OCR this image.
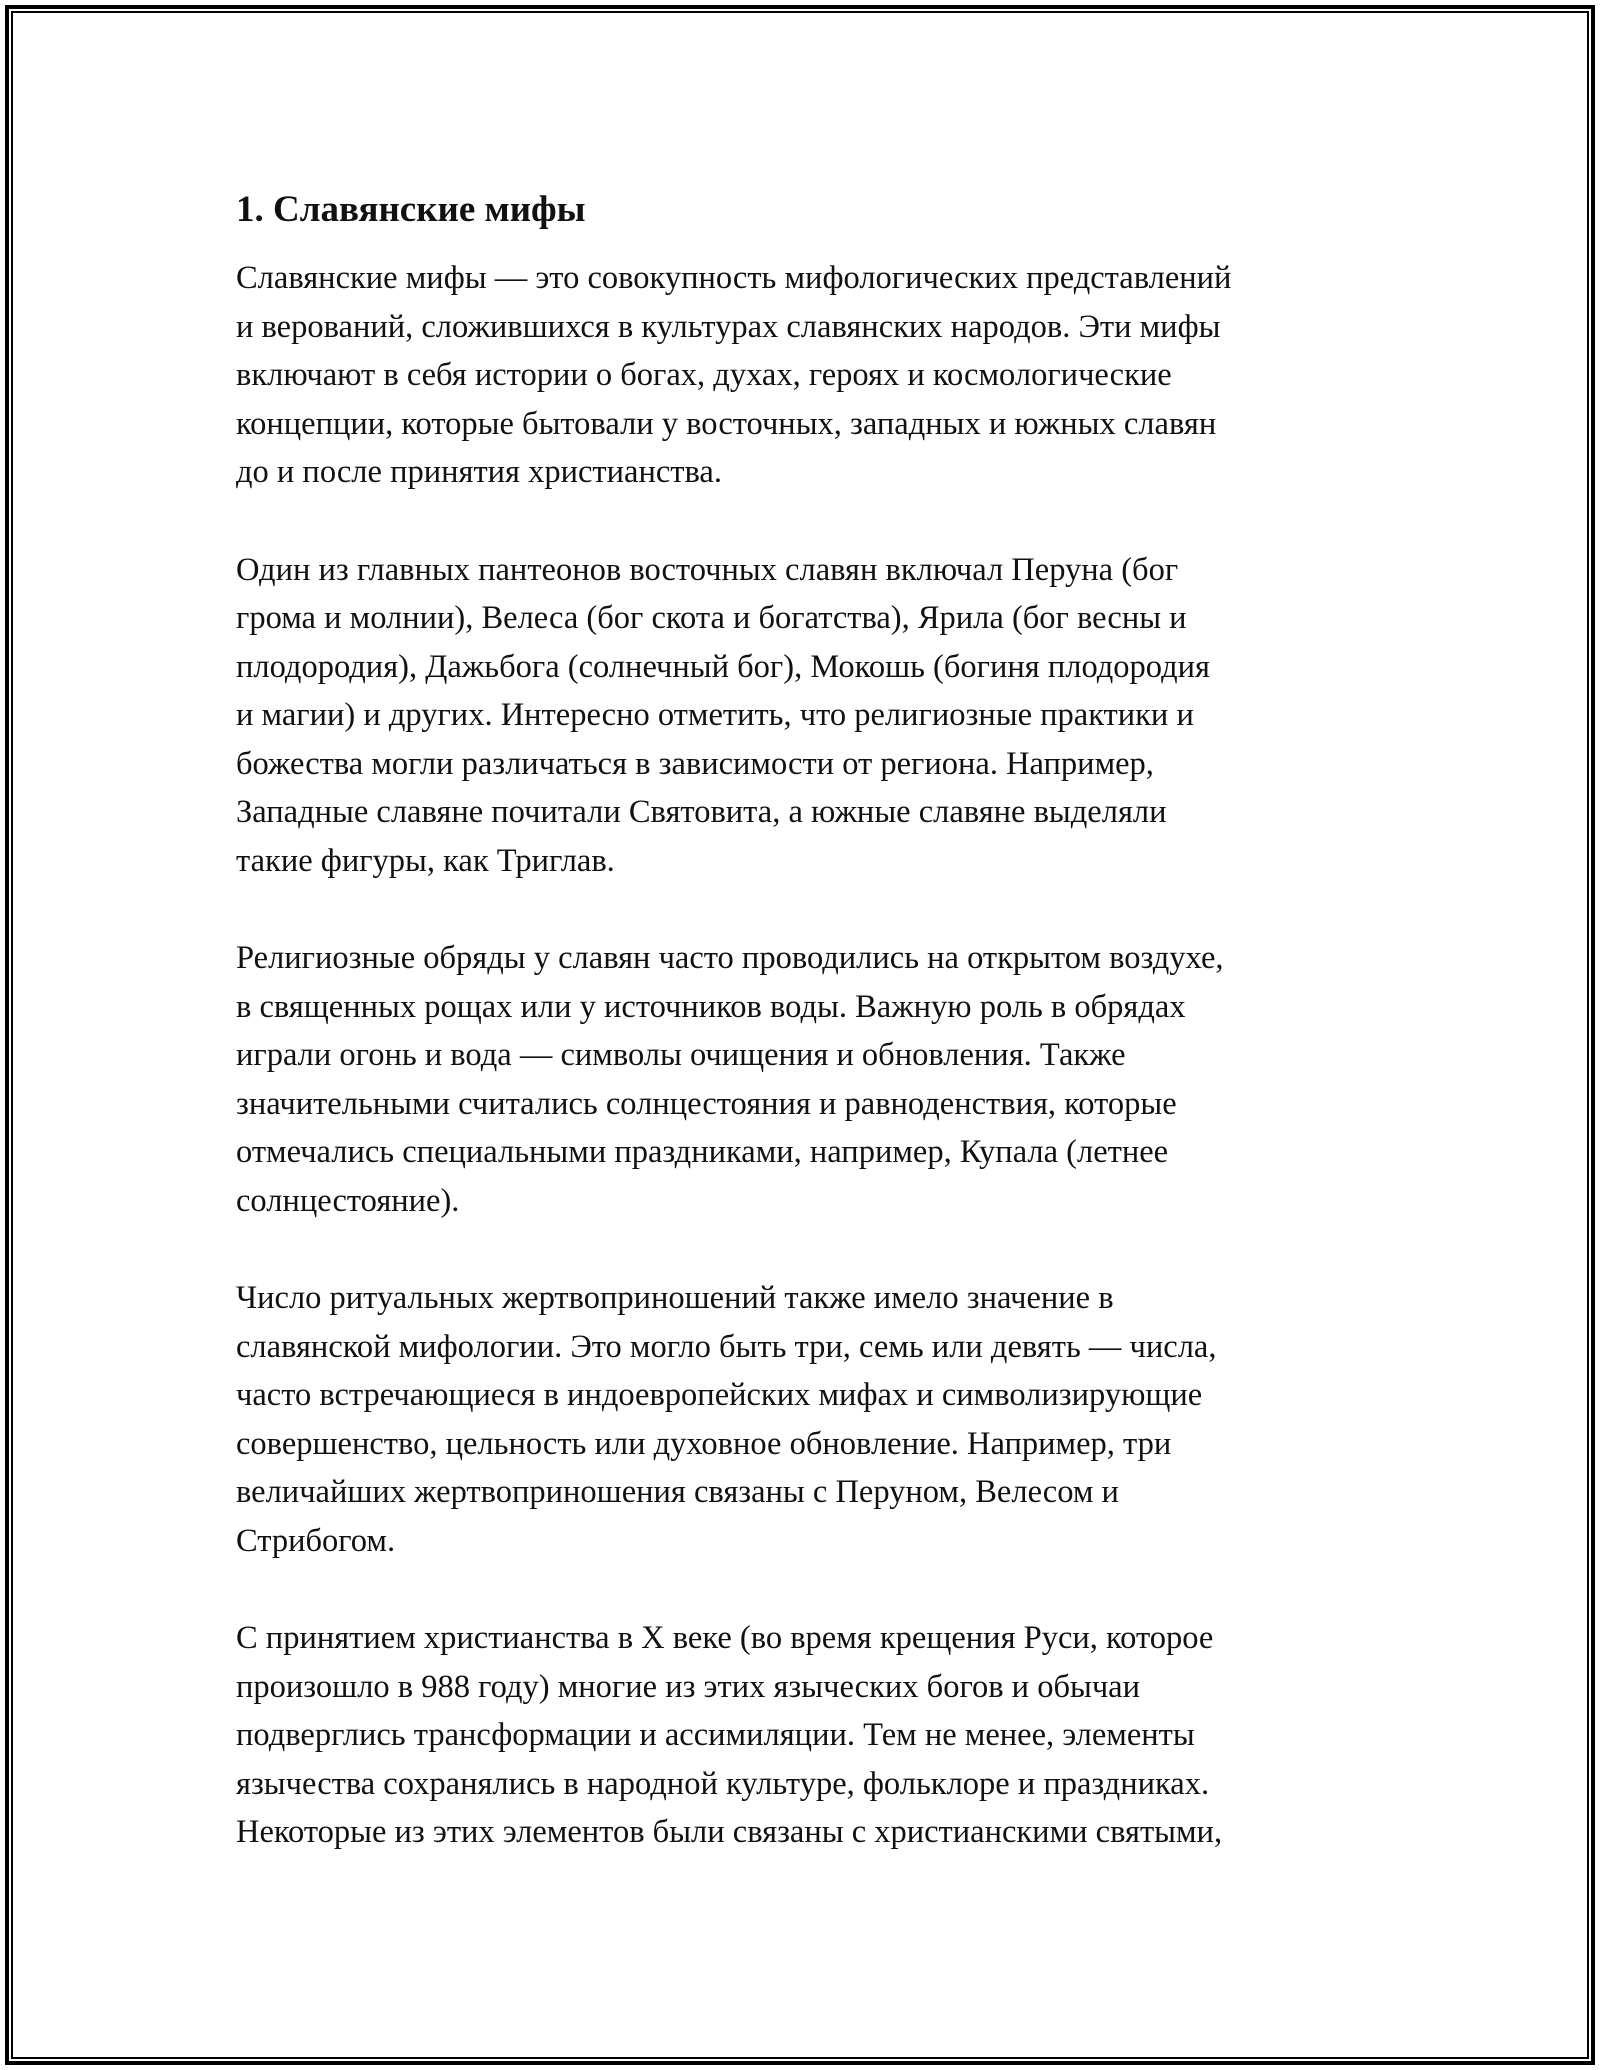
1. Славянские мифы
Славянские мифы — это совокупность мифологических представлений
и верований, сложившихся в культурах славянских народов. Эти мифы
включают в себя истории о богах, духах, героях и космологические
концепции, которые бытовали у восточных, западных и южных славян
до и после принятия христианства.
Один из главных пантеонов восточных славян включал Перуна (бог
грома и молнии), Велеса (бог скота и богатства), Ярила (бог весны и
плодородия), Дажьбога (солнечный бог), Мокошь (богиня плодородия
и магии) и других. Интересно отметить, что религиозные практики и
божества могли различаться в зависимости от региона. Например,
Западные славяне почитали Святовита, а южные славяне выделяли
такие фигуры, как Триглав.
Религиозные обряды у славян часто проводились на открытом воздухе,
в священных рощах или у источников воды. Важную роль в обрядах
играли огонь и вода — символы очищения и обновления. Также
значительными считались солнцестояния и равноденствия, которые
отмечались специальными праздниками, например, Купала (летнее
солнцестояние).
Число ритуальных жертвоприношений также имело значение в
славянской мифологии. Это могло быть три, семь или девять — числа,
часто встречающиеся в индоевропейских мифах и символизирующие
совершенство, цельность или духовное обновление. Например, три
величайших жертвоприношения связаны с Перуном, Велесом и
Стрибогом.
С принятием христианства в X веке (во время крещения Руси, которое
произошло в 988 году) многие из этих языческих богов и обычаи
подверглись трансформации и ассимиляции. Тем не менее, элементы
язычества сохранялись в народной культуре, фольклоре и праздниках.
Некоторые из этих элементов были связаны с христианскими святыми,
